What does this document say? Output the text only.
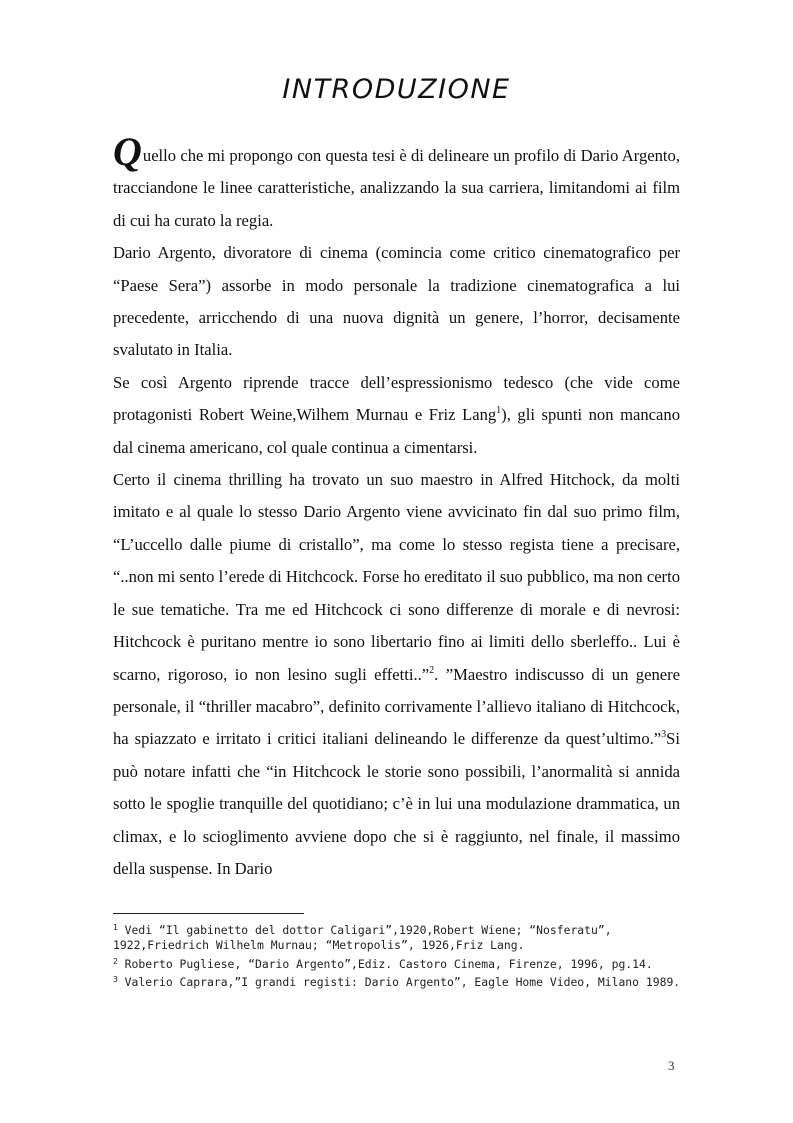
INTRODUZIONE

Quello che mi propongo con questa tesi è di delineare un profilo di Dario Argento, tracciandone le linee caratteristiche, analizzando la sua carriera, limitandomi ai film di cui ha curato la regia.

Dario Argento, divoratore di cinema (comincia come critico cinematografico per “Paese Sera”) assorbe in modo personale la tradizione cinematografica a lui precedente, arricchendo di una nuova dignità un genere, l’horror, decisamente svalutato in Italia.

Se così Argento riprende tracce dell’espressionismo tedesco (che vide come protagonisti Robert Weine,Wilhem Murnau e Friz Lang$^1$), gli spunti non mancano dal cinema americano, col quale continua a cimentarsi.

Certo il cinema thrilling ha trovato un suo maestro in Alfred Hitchock, da molti imitato e al quale lo stesso Dario Argento viene avvicinato fin dal suo primo film, “L’uccello dalle piume di cristallo”, ma come lo stesso regista tiene a precisare, “..non mi sento l’erede di Hitchcock. Forse ho ereditato il suo pubblico, ma non certo le sue tematiche. Tra me ed Hitchcock ci sono differenze di morale e di nevrosi: Hitchcock è puritano mentre io sono libertario fino ai limiti dello sberleffo.. Lui è scarno, rigoroso, io non lesino sugli effetti..”$^2$. ”Maestro indiscusso di un genere personale, il “thriller macabro”, definito corrivamente l’allievo italiano di Hitchcock, ha spiazzato e irritato i critici italiani delineando le differenze da quest’ultimo.”$^3$Si può notare infatti che “in Hitchcock le storie sono possibili, l’anormalità si annida sotto le spoglie tranquille del quotidiano; c’è in lui una modulazione drammatica, un climax, e lo scioglimento avviene dopo che si è raggiunto, nel finale, il massimo della suspense. In Dario

$^1$ Vedi “Il gabinetto del dottor Caligari”,1920,Robert Wiene; “Nosferatu”, 1922,Friedrich Wilhelm Murnau; “Metropolis”, 1926,Friz Lang.

$^2$ Roberto Pugliese, “Dario Argento”,Ediz. Castoro Cinema, Firenze, 1996, pg.14.

$^3$ Valerio Caprara,”I grandi registi: Dario Argento”, Eagle Home Video, Milano 1989.

3
